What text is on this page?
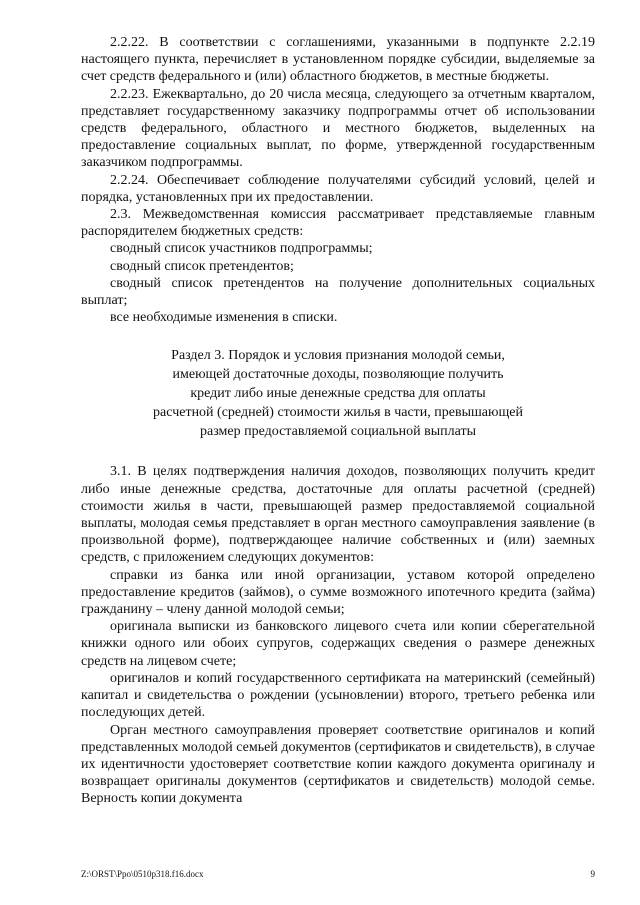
2.2.22. В соответствии с соглашениями, указанными в подпункте 2.2.19 настоящего пункта, перечисляет в установленном порядке субсидии, выделяемые за счет средств федерального и (или) областного бюджетов, в местные бюджеты.

2.2.23. Ежеквартально, до 20 числа месяца, следующего за отчетным кварталом, представляет государственному заказчику подпрограммы отчет об использовании средств федерального, областного и местного бюджетов, выделенных на предоставление социальных выплат, по форме, утвержденной государственным заказчиком подпрограммы.

2.2.24. Обеспечивает соблюдение получателями субсидий условий, целей и порядка, установленных при их предоставлении.

2.3. Межведомственная комиссия рассматривает представляемые главным распорядителем бюджетных средств:

сводный список участников подпрограммы;

сводный список претендентов;

сводный список претендентов на получение дополнительных социальных выплат;

все необходимые изменения в списки.

Раздел 3. Порядок и условия признания молодой семьи,
имеющей достаточные доходы, позволяющие получить
кредит либо иные денежные средства для оплаты
расчетной (средней) стоимости жилья в части, превышающей
размер предоставляемой социальной выплаты

3.1. В целях подтверждения наличия доходов, позволяющих получить кредит либо иные денежные средства, достаточные для оплаты расчетной (средней) стоимости жилья в части, превышающей размер предоставляемой социальной выплаты, молодая семья представляет в орган местного самоуправления заявление (в произвольной форме), подтверждающее наличие собственных и (или) заемных средств, с приложением следующих документов:

справки из банка или иной организации, уставом которой определено предоставление кредитов (займов), о сумме возможного ипотечного кредита (займа) гражданину – члену данной молодой семьи;

оригинала выписки из банковского лицевого счета или копии сберегательной книжки одного или обоих супругов, содержащих сведения о размере денежных средств на лицевом счете;

оригиналов и копий государственного сертификата на материнский (семейный) капитал и свидетельства о рождении (усыновлении) второго, третьего ребенка или последующих детей.

Орган местного самоуправления проверяет соответствие оригиналов и копий представленных молодой семьей документов (сертификатов и свидетельств), в случае их идентичности удостоверяет соответствие копии каждого документа оригиналу и возвращает оригиналы документов (сертификатов и свидетельств) молодой семье. Верность копии документа

Z:\ORST\Ppo\0510p318.f16.docx	9
